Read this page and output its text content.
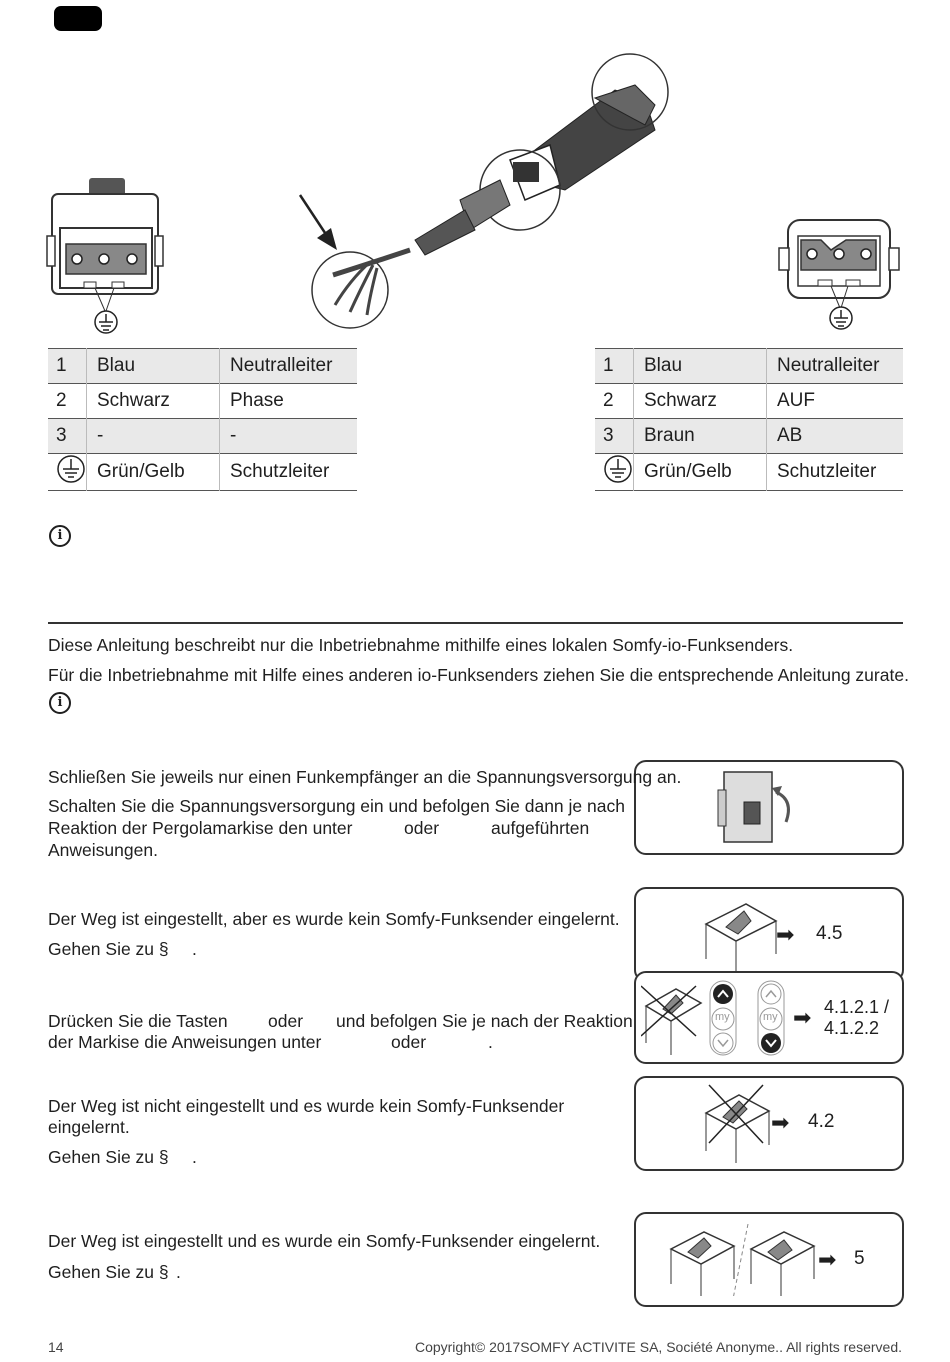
1	Blau	Neutralleiter
2	Schwarz	Phase
3	-	-
	Grün/Gelb	Schutzleiter
1	Blau	Neutralleiter
2	Schwarz	AUF
3	Braun	AB
	Grün/Gelb	Schutzleiter
i
Diese Anleitung beschreibt nur die Inbetriebnahme mithilfe eines lokalen Somfy-io-Funksenders.
Für die Inbetriebnahme mit Hilfe eines anderen io-Funksenders ziehen Sie die entsprechende Anleitung zurate.
i
Schließen Sie jeweils nur einen Funkempfänger an die Spannungsversorgung an.
Schalten Sie die Spannungsversorgung ein und befolgen Sie dann je nach
Reaktion der Pergolamarkise den unter	oder	aufgeführten
Anweisungen.
➡ 4.5
Der Weg ist eingestellt, aber es wurde kein Somfy-Funksender eingelernt.
Gehen Sie zu § .
my	my ➡ 4.1.2.1 /
4.1.2.2
Drücken Sie die Tasten oder und befolgen Sie je nach der Reaktion
der Markise die Anweisungen unter	oder	.
➡ 4.2
Der Weg ist nicht eingestellt und es wurde kein Somfy-Funksender
eingelernt.
Gehen Sie zu § .
➡ 5
Der Weg ist eingestellt und es wurde ein Somfy-Funksender eingelernt.
Gehen Sie zu § .
14	Copyright© 2017SOMFY ACTIVITE SA, Société Anonyme.. All rights reserved.
